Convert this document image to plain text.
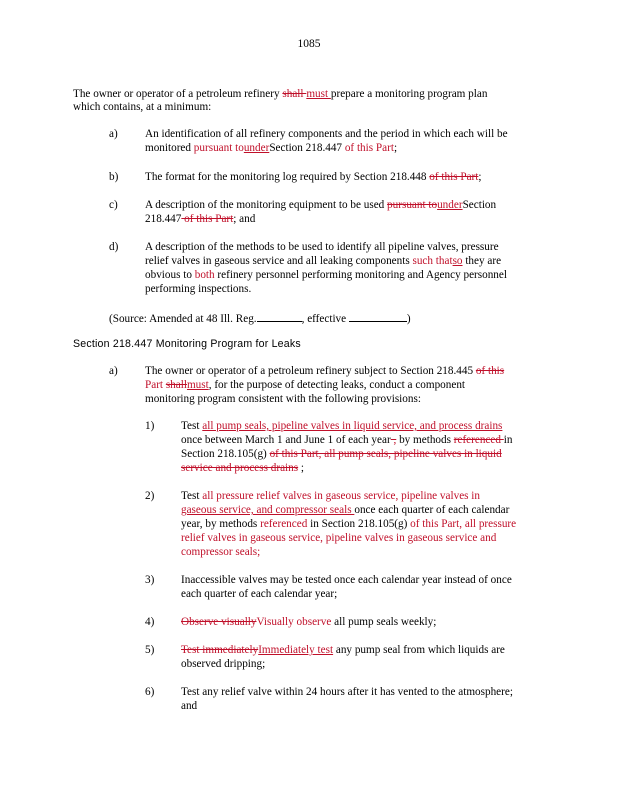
1085
The owner or operator of a petroleum refinery shall must prepare a monitoring program plan
which contains, at a minimum:
a) An identification of all refinery components and the period in which each will be
monitored pursuant tounderSection 218.447 of this Part;
b) The format for the monitoring log required by Section 218.448 of this Part;
c) A description of the monitoring equipment to be used pursuant tounderSection
218.447 of this Part; and
d) A description of the methods to be used to identify all pipeline valves, pressure
relief valves in gaseous service and all leaking components such thatso they are
obvious to both refinery personnel performing monitoring and Agency personnel
performing inspections.
(Source: Amended at 48 Ill. Reg.	, effective	)
Section 218.447 Monitoring Program for Leaks
a) The owner or operator of a petroleum refinery subject to Section 218.445 of this
Part shallmust, for the purpose of detecting leaks, conduct a component
monitoring program consistent with the following provisions:
1) Test all pump seals, pipeline valves in liquid service, and process drains
once between March 1 and June 1 of each year , by methods referenced in
Section 218.105(g) of this Part, all pump seals, pipeline valves in liquid
service and process drains ;
2) Test all pressure relief valves in gaseous service, pipeline valves in
gaseous service, and compressor seals once each quarter of each calendar
year, by methods referenced in Section 218.105(g) of this Part, all pressure
relief valves in gaseous service, pipeline valves in gaseous service and
compressor seals;
3) Inaccessible valves may be tested once each calendar year instead of once
each quarter of each calendar year;
4) Observe visuallyVisually observe all pump seals weekly;
5) Test immediatelyImmediately test any pump seal from which liquids are
observed dripping;
6) Test any relief valve within 24 hours after it has vented to the atmosphere;
and
